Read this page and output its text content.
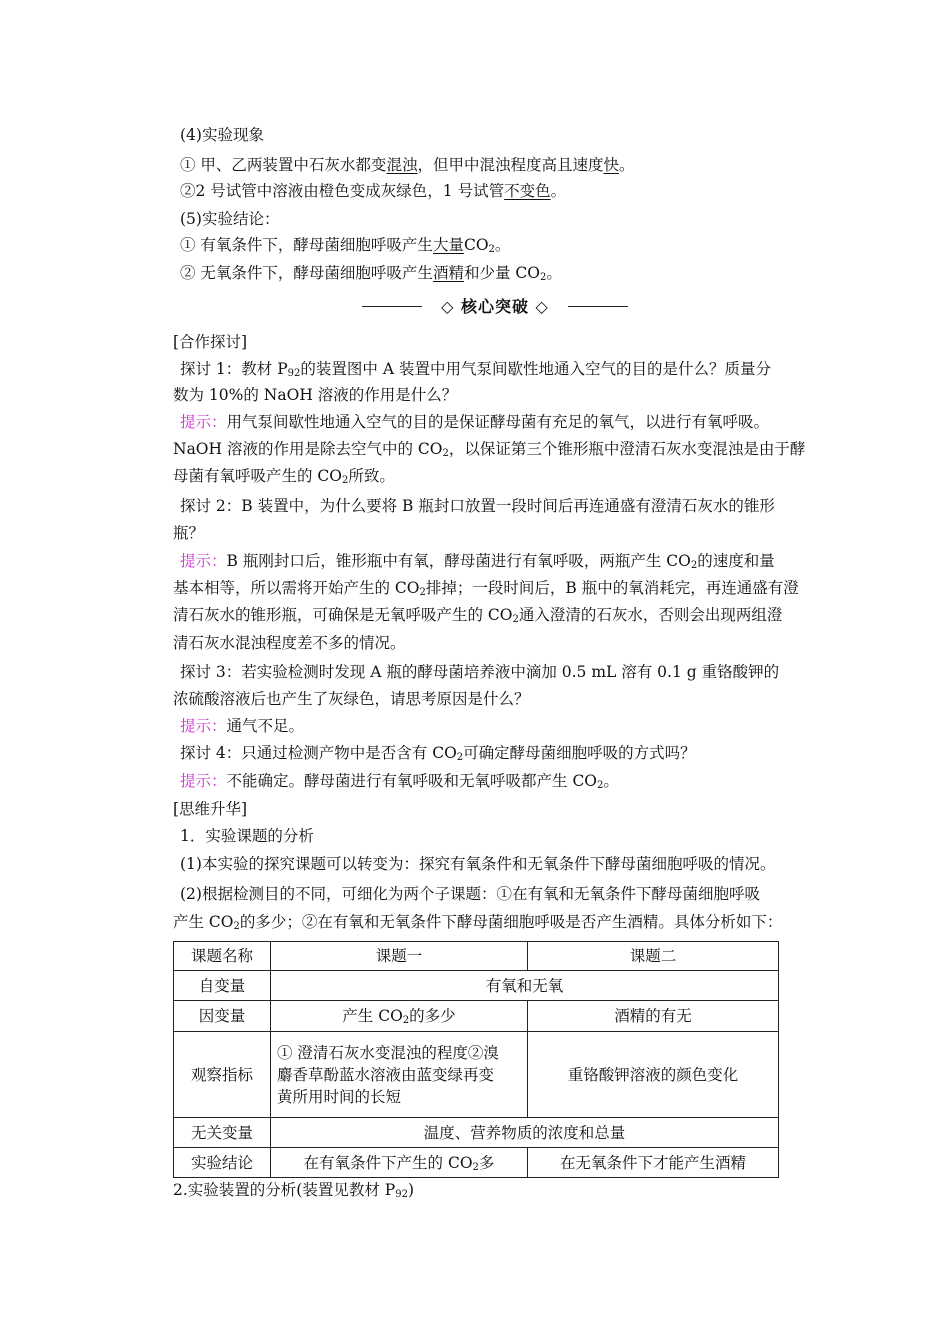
(4)实验现象
① 甲、乙两装置中石灰水都变混浊，但甲中混浊程度高且速度快。
②2 号试管中溶液由橙色变成灰绿色，1 号试管不变色。
(5)实验结论：
① 有氧条件下，酵母菌细胞呼吸产生大量$CO_2$。
② 无氧条件下，酵母菌细胞呼吸产生酒精和少量 $CO_2$。
◇ 核心突破 ◇
[合作探讨]
探讨 1：教材 $P_{92}$的装置图中 A 装置中用气泵间歇性地通入空气的目的是什么？质量分
数为 10%的 NaOH 溶液的作用是什么？
提示：用气泵间歇性地通入空气的目的是保证酵母菌有充足的氧气，以进行有氧呼吸。
NaOH 溶液的作用是除去空气中的 $CO_2$，以保证第三个锥形瓶中澄清石灰水变混浊是由于酵
母菌有氧呼吸产生的 $CO_2$所致。
探讨 2：B 装置中，为什么要将 B 瓶封口放置一段时间后再连通盛有澄清石灰水的锥形
瓶？
提示：B 瓶刚封口后，锥形瓶中有氧，酵母菌进行有氧呼吸，两瓶产生 $CO_2$的速度和量
基本相等，所以需将开始产生的 $CO_2$排掉；一段时间后，B 瓶中的氧消耗完，再连通盛有澄
清石灰水的锥形瓶，可确保是无氧呼吸产生的 $CO_2$通入澄清的石灰水，否则会出现两组澄
清石灰水混浊程度差不多的情况。
探讨 3：若实验检测时发现 A 瓶的酵母菌培养液中滴加 0.5 mL 溶有 0.1 g 重铬酸钾的
浓硫酸溶液后也产生了灰绿色，请思考原因是什么？
提示：通气不足。
探讨 4：只通过检测产物中是否含有 $CO_2$可确定酵母菌细胞呼吸的方式吗？
提示：不能确定。酵母菌进行有氧呼吸和无氧呼吸都产生 $CO_2$。
[思维升华]
1．实验课题的分析
(1)本实验的探究课题可以转变为：探究有氧条件和无氧条件下酵母菌细胞呼吸的情况。
(2)根据检测目的不同，可细化为两个子课题：①在有氧和无氧条件下酵母菌细胞呼吸
产生 $CO_2$的多少；②在有氧和无氧条件下酵母菌细胞呼吸是否产生酒精。具体分析如下：
课题名称	课题一	课题二
自变量	有氧和无氧	
因变量	产生 $CO_2$的多少	酒精的有无
观察指标	① 澄清石灰水变混浊的程度②溴
麝香草酚蓝水溶液由蓝变绿再变
黄所用时间的长短	重铬酸钾溶液的颜色变化
无关变量	温度、营养物质的浓度和总量	
实验结论	在有氧条件下产生的 $CO_2$多	在无氧条件下才能产生酒精
2.实验装置的分析(装置见教材 $P_{92}$)
